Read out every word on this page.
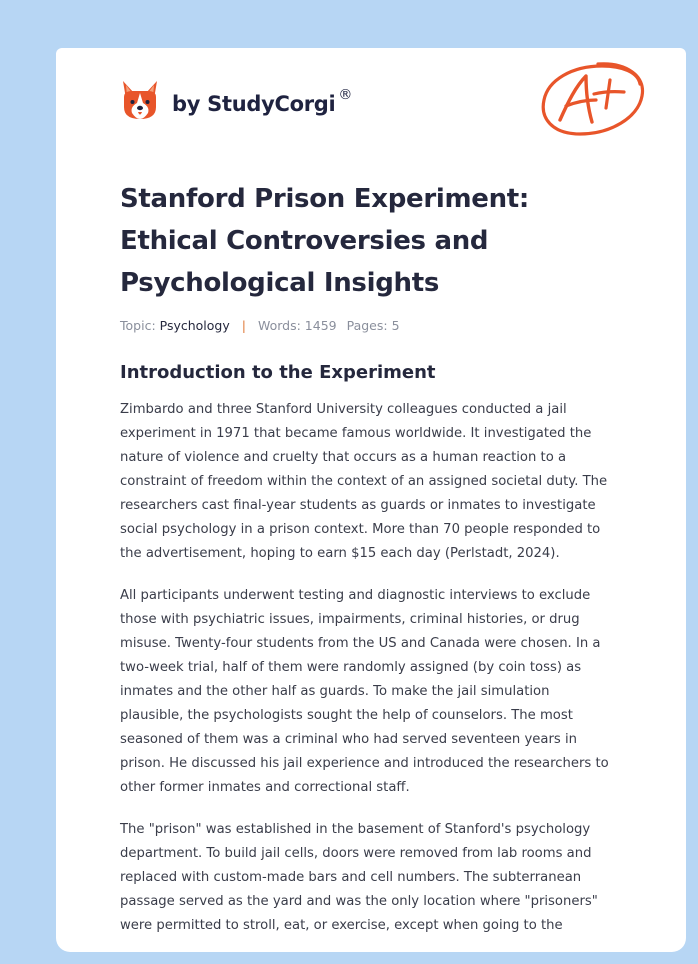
by StudyCorgi ®
A+
Stanford Prison Experiment:
Ethical Controversies and
Psychological Insights
Topic: Psychology | Words: 1459 Pages: 5
Introduction to the Experiment

Zimbardo and three Stanford University colleagues conducted a jail
experiment in 1971 that became famous worldwide. It investigated the
nature of violence and cruelty that occurs as a human reaction to a
constraint of freedom within the context of an assigned societal duty. The
researchers cast final-year students as guards or inmates to investigate
social psychology in a prison context. More than 70 people responded to
the advertisement, hoping to earn $15 each day (Perlstadt, 2024).

All participants underwent testing and diagnostic interviews to exclude
those with psychiatric issues, impairments, criminal histories, or drug
misuse. Twenty-four students from the US and Canada were chosen. In a
two-week trial, half of them were randomly assigned (by coin toss) as
inmates and the other half as guards. To make the jail simulation
plausible, the psychologists sought the help of counselors. The most
seasoned of them was a criminal who had served seventeen years in
prison. He discussed his jail experience and introduced the researchers to
other former inmates and correctional staff.

The "prison" was established in the basement of Stanford's psychology
department. To build jail cells, doors were removed from lab rooms and
replaced with custom-made bars and cell numbers. The subterranean
passage served as the yard and was the only location where "prisoners"
were permitted to stroll, eat, or exercise, except when going to the
